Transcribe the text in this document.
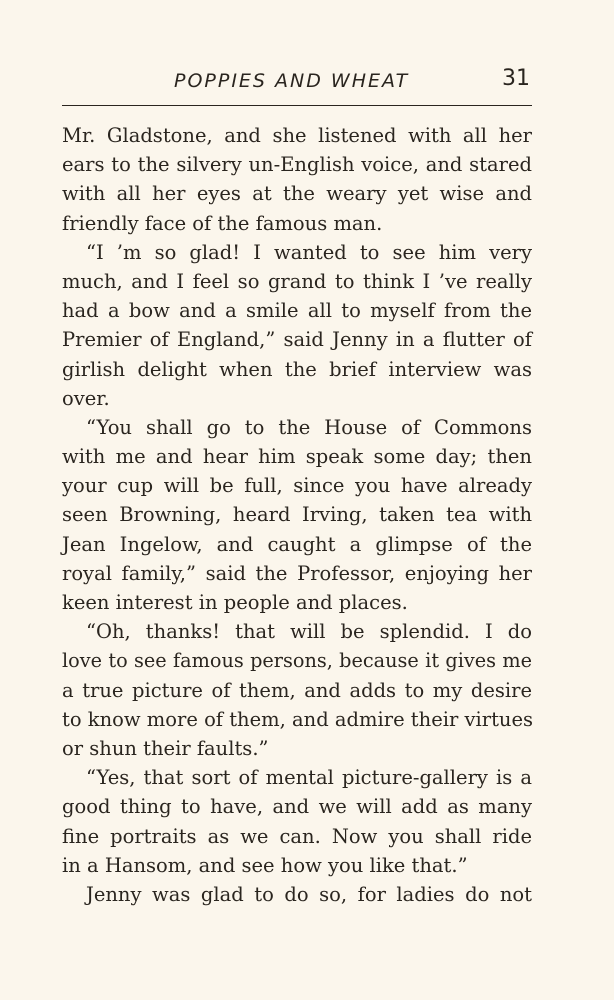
POPPIES AND WHEAT	31
Mr. Gladstone, and she listened with all her
ears to the silvery un-English voice, and stared
with all her eyes at the weary yet wise and
friendly face of the famous man.
“I ’m so glad! I wanted to see him very
much, and I feel so grand to think I ’ve really
had a bow and a smile all to myself from the
Premier of England,” said Jenny in a flutter of
girlish delight when the brief interview was
over.
“You shall go to the House of Commons
with me and hear him speak some day; then
your cup will be full, since you have already
seen Browning, heard Irving, taken tea with
Jean Ingelow, and caught a glimpse of the
royal family,” said the Professor, enjoying her
keen interest in people and places.
“Oh, thanks! that will be splendid. I do
love to see famous persons, because it gives me
a true picture of them, and adds to my desire
to know more of them, and admire their virtues
or shun their faults.”
“Yes, that sort of mental picture-gallery is a
good thing to have, and we will add as many
fine portraits as we can. Now you shall ride
in a Hansom, and see how you like that.”
Jenny was glad to do so, for ladies do not
